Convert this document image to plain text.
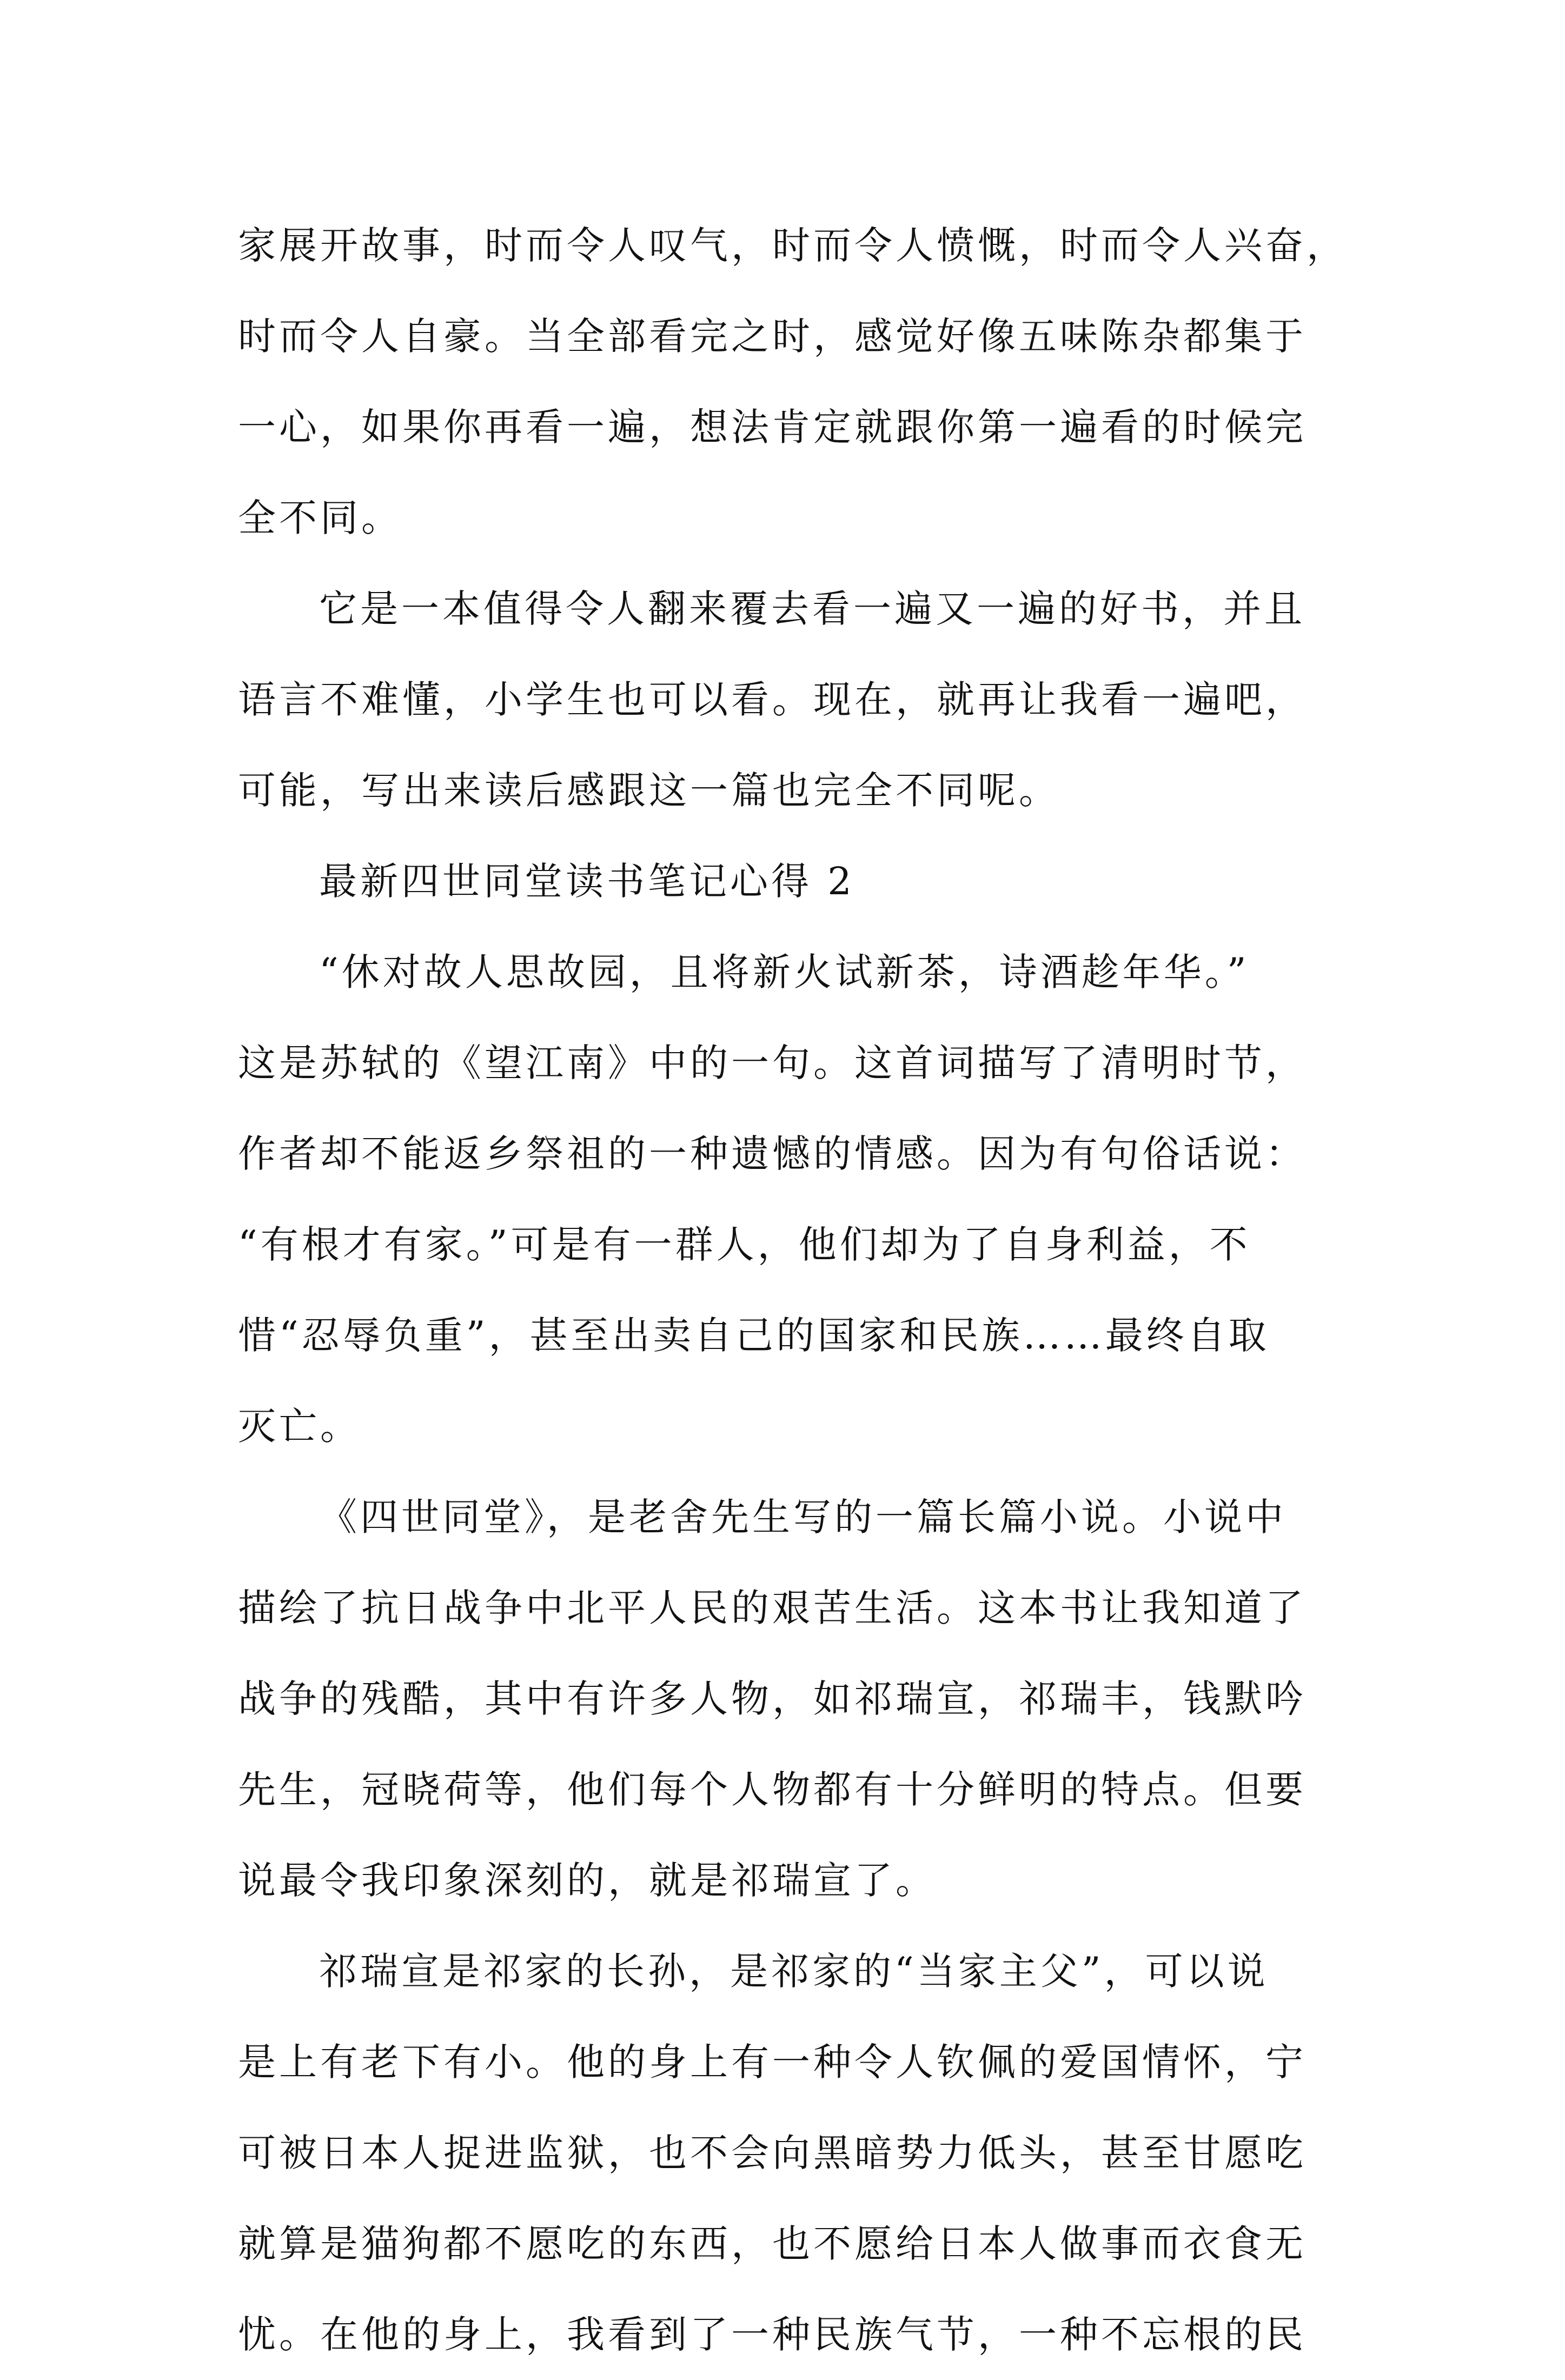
家展开故事，时而令人叹气，时而令人愤慨，时而令人兴奋，
时而令人自豪。当全部看完之时，感觉好像五味陈杂都集于
一心，如果你再看一遍，想法肯定就跟你第一遍看的时候完
全不同。
它是一本值得令人翻来覆去看一遍又一遍的好书，并且
语言不难懂，小学生也可以看。现在，就再让我看一遍吧，
可能，写出来读后感跟这一篇也完全不同呢。
最新四世同堂读书笔记心得 2
“休对故人思故园，且将新火试新茶，诗酒趁年华。”
这是苏轼的《望江南》中的一句。这首词描写了清明时节，
作者却不能返乡祭祖的一种遗憾的情感。因为有句俗话说：
“有根才有家。”可是有一群人，他们却为了自身利益，不
惜“忍辱负重”，甚至出卖自己的国家和民族……最终自取
灭亡。
《四世同堂》，是老舍先生写的一篇长篇小说。小说中
描绘了抗日战争中北平人民的艰苦生活。这本书让我知道了
战争的残酷，其中有许多人物，如祁瑞宣，祁瑞丰，钱默吟
先生，冠晓荷等，他们每个人物都有十分鲜明的特点。但要
说最令我印象深刻的，就是祁瑞宣了。
祁瑞宣是祁家的长孙，是祁家的“当家主父”，可以说
是上有老下有小。他的身上有一种令人钦佩的爱国情怀，宁
可被日本人捉进监狱，也不会向黑暗势力低头，甚至甘愿吃
就算是猫狗都不愿吃的东西，也不愿给日本人做事而衣食无
忧。在他的身上，我看到了一种民族气节，一种不忘根的民
